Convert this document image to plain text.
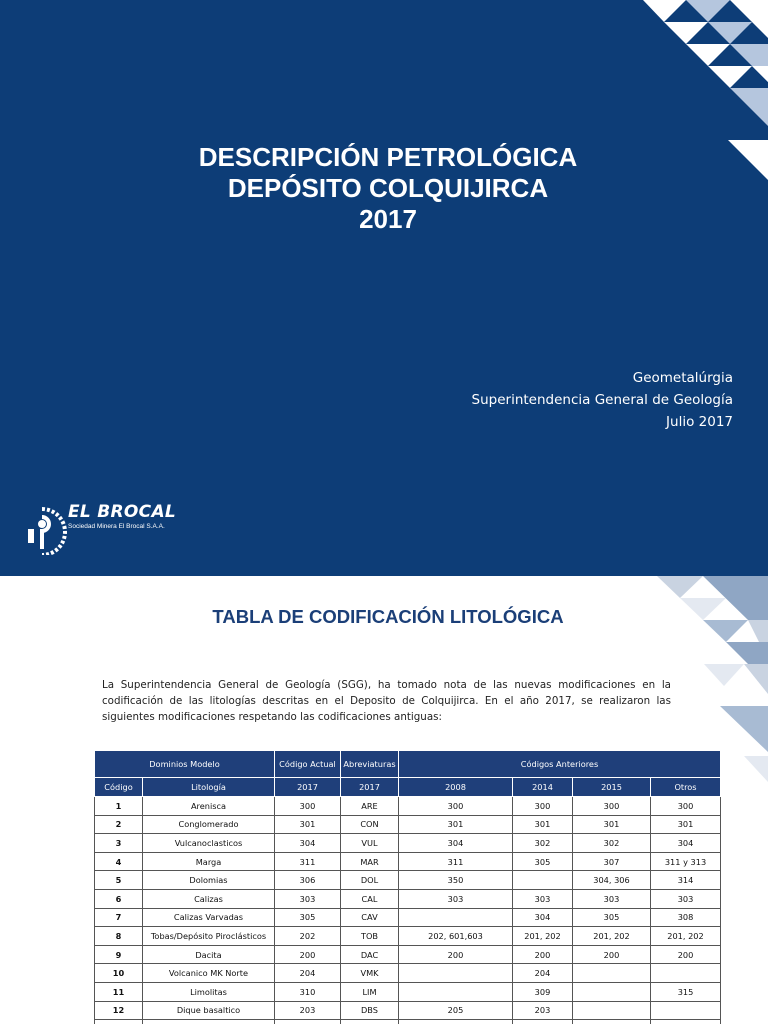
DESCRIPCIÓN PETROLÓGICA
DEPÓSITO COLQUIJIRCA
2017
Geometalúrgia
Superintendencia General de Geología
Julio 2017
EL BROCAL
Sociedad Minera El Brocal S.A.A.
TABLA DE CODIFICACIÓN LITOLÓGICA
La Superintendencia General de Geología (SGG), ha tomado nota de las nuevas modificaciones en la codificación de las litologías descritas en el Deposito de Colquijirca. En el año 2017, se realizaron las siguientes modificaciones respetando las codificaciones antiguas:
Dominios Modelo		Código Actual	Abreviaturas	Códigos Anteriores			
Código	Litología	2017	2017	2008	2014	2015	Otros
1	Arenisca	300	ARE	300	300	300	300
2	Conglomerado	301	CON	301	301	301	301
3	Vulcanoclasticos	304	VUL	304	302	302	304
4	Marga	311	MAR	311	305	307	311 y 313
5	Dolomias	306	DOL	350		304, 306	314
6	Calizas	303	CAL	303	303	303	303
7	Calizas Varvadas	305	CAV		304	305	308
8	Tobas/Depósito Piroclásticos	202	TOB	202, 601,603	201, 202	201, 202	201, 202
9	Dacita	200	DAC	200	200	200	200
10	Volcanico MK Norte	204	VMK		204		
11	Limolitas	310	LIM		309		315
12	Dique basaltico	203	DBS	205	203		
